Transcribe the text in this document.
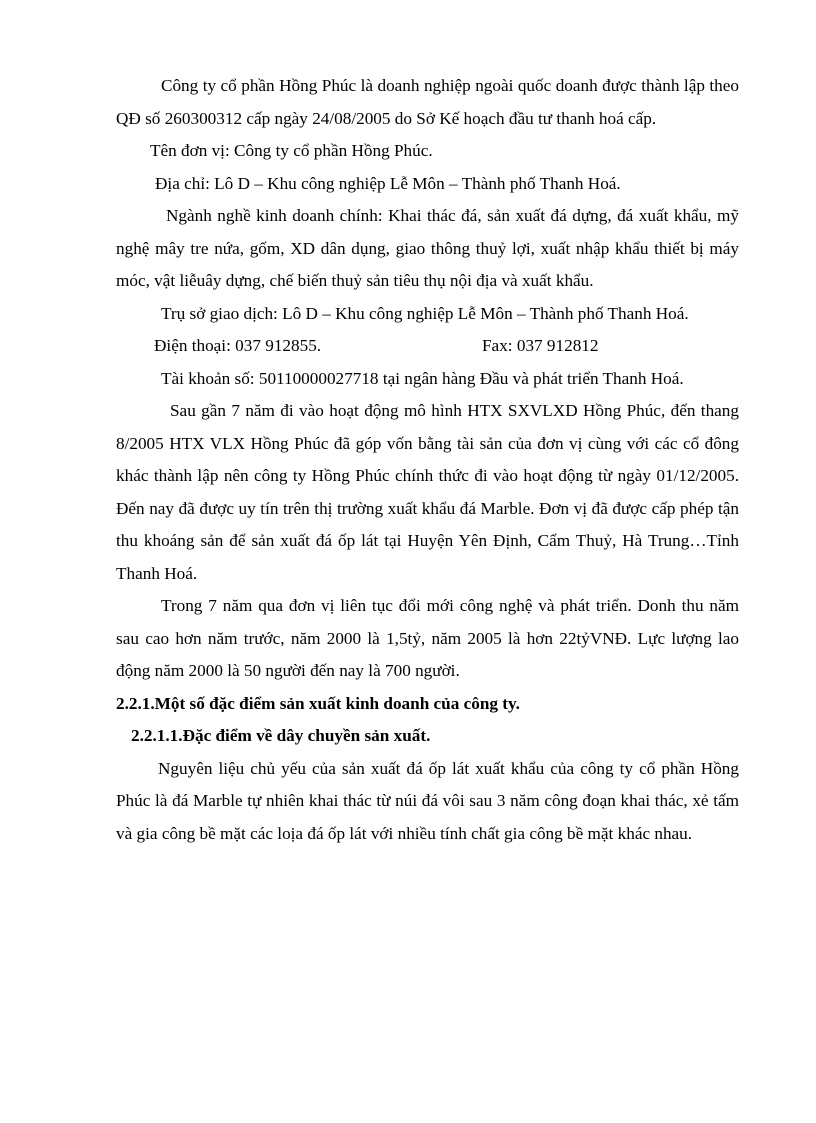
Công ty cổ phần Hồng Phúc là doanh nghiệp ngoài quốc doanh được thành lập theo QĐ số 260300312 cấp ngày 24/08/2005 do Sở Kế hoạch đầu tư thanh hoá cấp.

Tên đơn vị: Công ty cổ phần Hồng Phúc.

Địa chỉ: Lô D – Khu công nghiệp Lễ Môn – Thành phố Thanh Hoá.

Ngành nghề kinh doanh chính: Khai thác đá, sản xuất đá dựng, đá xuất khẩu, mỹ nghệ mây tre nứa, gốm, XD dân dụng, giao thông thuỷ lợi, xuất nhập khẩu thiết bị máy móc, vật liễuây dựng, chế biến thuỷ sản tiêu thụ nội địa và xuất khẩu.

Trụ sở giao dịch: Lô D – Khu công nghiệp Lễ Môn – Thành phố Thanh Hoá.

Điện thoại: 037 912855.	Fax: 037 912812

Tài khoản số: 50110000027718 tại ngân hàng Đầu và phát triển Thanh Hoá.

Sau gần 7 năm đi vào hoạt động mô hình HTX SXVLXD Hồng Phúc, đến thang 8/2005 HTX VLX Hồng Phúc đã góp vốn bằng tài sản của đơn vị cùng với các cổ đông khác thành lập nên công ty Hồng Phúc chính thức đi vào hoạt động từ ngày 01/12/2005. Đến nay đã được uy tín trên thị trường xuất khẩu đá Marble. Đơn vị đã được cấp phép tận thu khoáng sản để sản xuất đá ốp lát tại Huyện Yên Định, Cẩm Thuỷ, Hà Trung…Tỉnh Thanh Hoá.

Trong 7 năm qua đơn vị liên tục đổi mới công nghệ và phát triển. Donh thu năm sau cao hơn năm trước, năm 2000 là 1,5tỷ, năm 2005 là hơn 22tỷVNĐ. Lực lượng lao động năm 2000 là 50 người đến nay là 700 người.

2.2.1.Một số đặc điểm sản xuất kinh doanh của công ty.

2.2.1.1.Đặc điểm về dây chuyền sản xuất.

Nguyên liệu chủ yếu của sản xuất đá ốp lát xuất khẩu của công ty cổ phần Hồng Phúc là đá Marble tự nhiên khai thác từ núi đá vôi sau 3 năm công đoạn khai thác, xẻ tấm và gia công bề mặt các loịa đá ốp lát với nhiều tính chất gia công bề mặt khác nhau.
